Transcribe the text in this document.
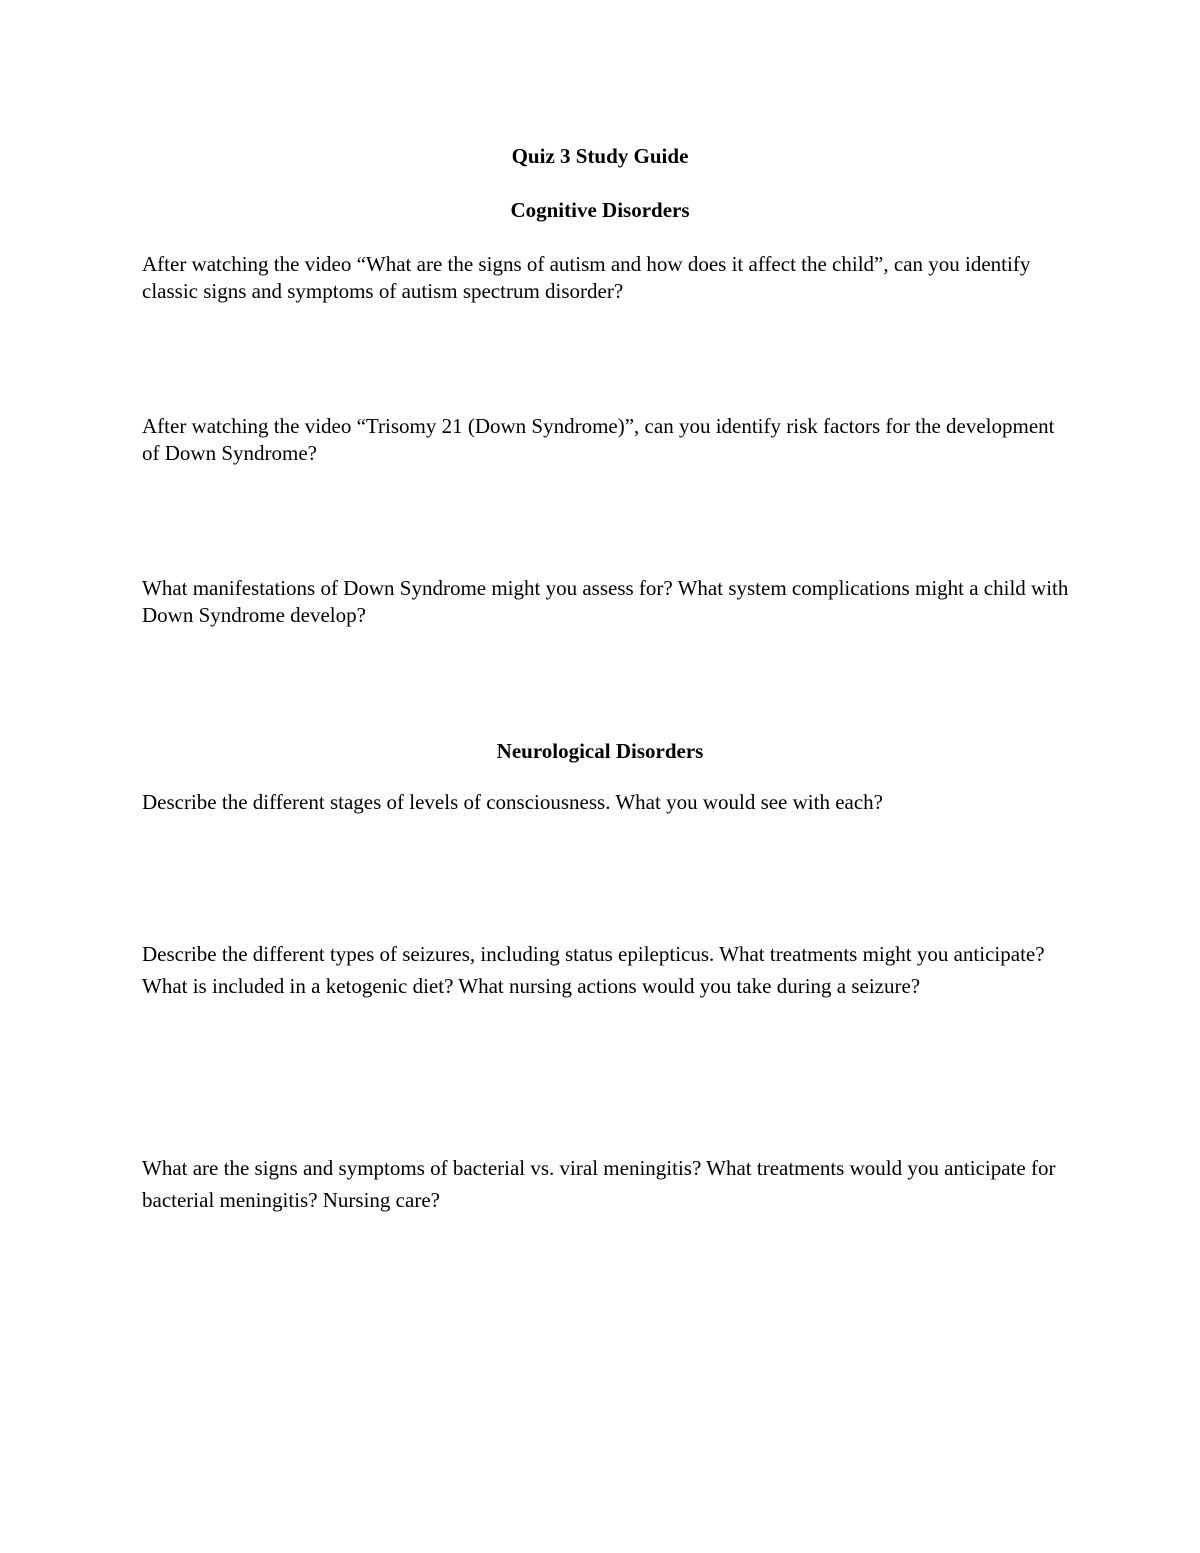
Quiz 3 Study Guide
Cognitive Disorders

After watching the video “What are the signs of autism and how does it affect the child”, can you identify classic signs and symptoms of autism spectrum disorder?

After watching the video “Trisomy 21 (Down Syndrome)”, can you identify risk factors for the development of Down Syndrome?

What manifestations of Down Syndrome might you assess for? What system complications might a child with Down Syndrome develop?

Neurological Disorders

Describe the different stages of levels of consciousness. What you would see with each?

Describe the different types of seizures, including status epilepticus. What treatments might you anticipate? What is included in a ketogenic diet? What nursing actions would you take during a seizure?

What are the signs and symptoms of bacterial vs. viral meningitis? What treatments would you anticipate for bacterial meningitis? Nursing care?
